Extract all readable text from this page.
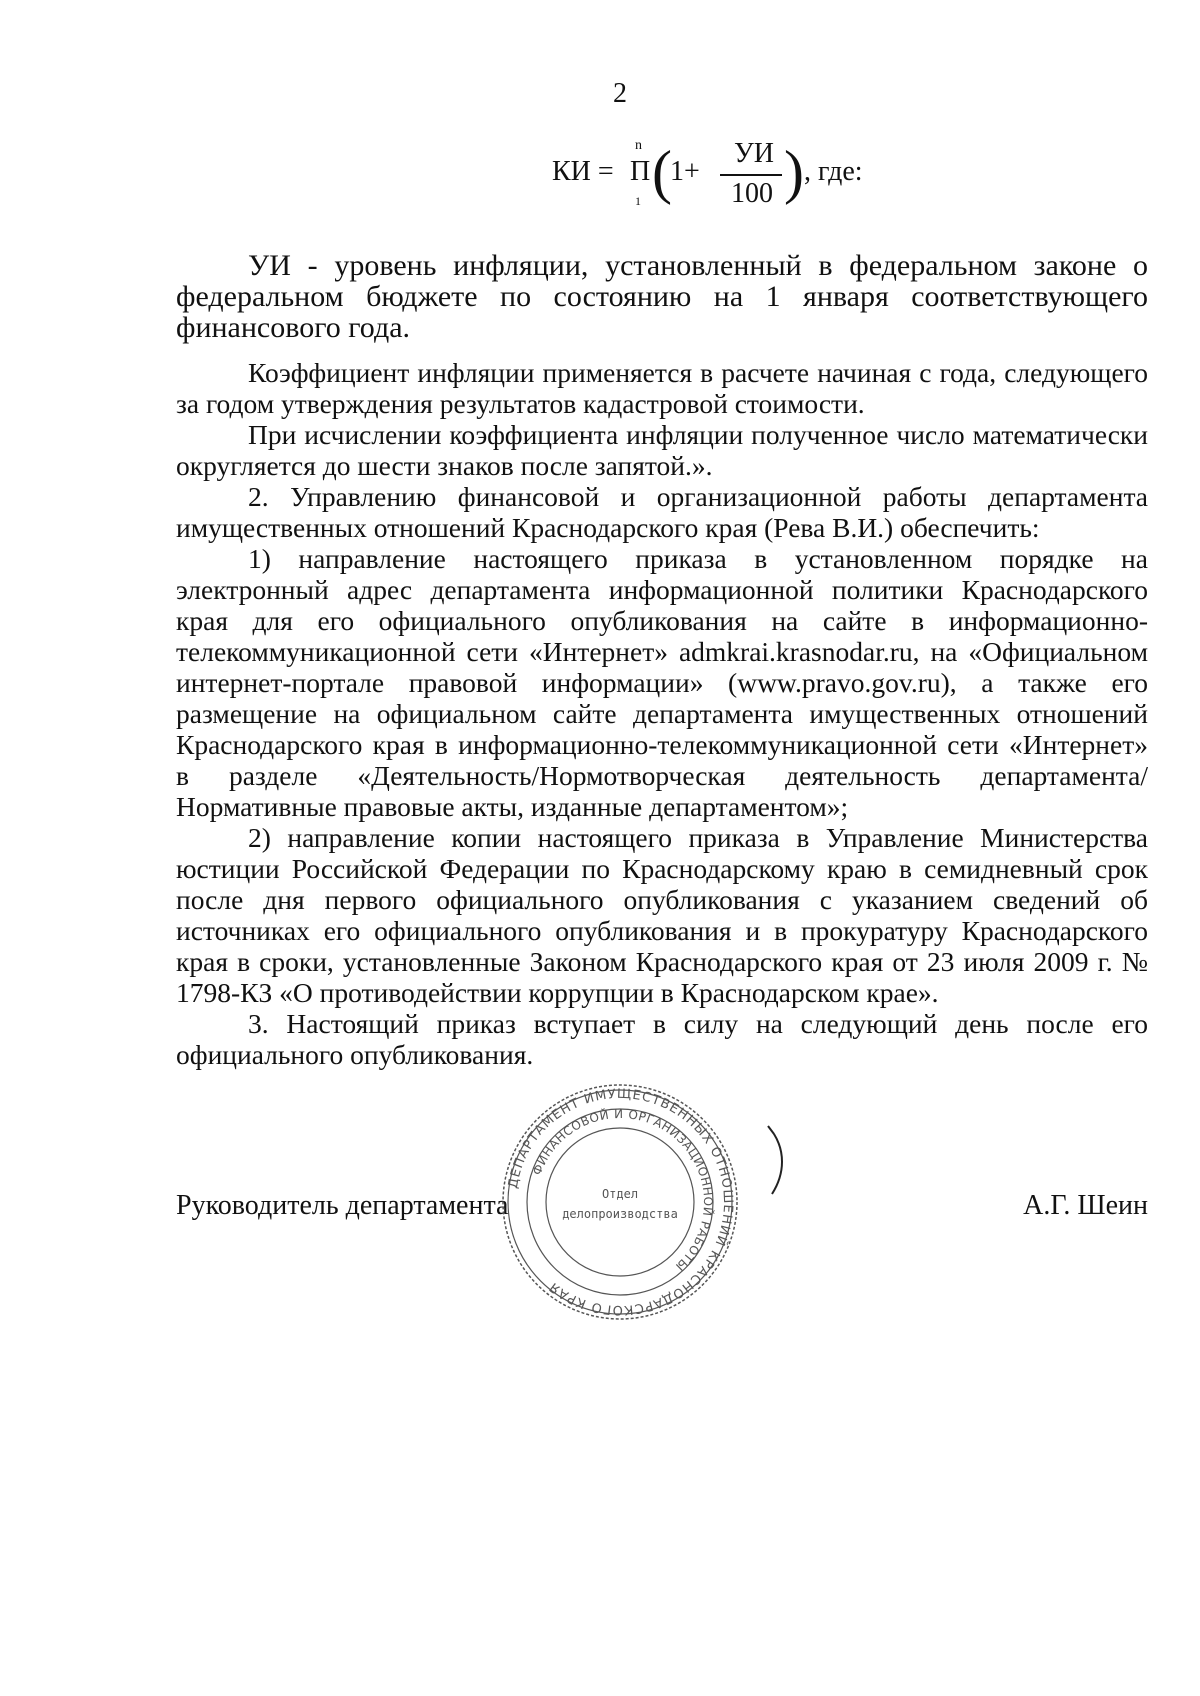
2
КИ =
n
П
1 (
1+
УИ
100 ) , где:

УИ - уровень инфляции, установленный в федеральном законе о федеральном бюджете по состоянию на 1 января соответствующего финансового года.

Коэффициент инфляции применяется в расчете начиная с года, следующего за годом утверждения результатов кадастровой стоимости.

При исчислении коэффициента инфляции полученное число математически округляется до шести знаков после запятой.».

2. Управлению финансовой и организационной работы департамента имущественных отношений Краснодарского края (Рева В.И.) обеспечить:

1) направление настоящего приказа в установленном порядке на электронный адрес департамента информационной политики Краснодарского края для его официального опубликования на сайте в информационно-телекоммуникационной сети «Интернет» admkrai.krasnodar.ru, на «Официальном интернет-портале правовой информации» (www.pravo.gov.ru), а также его размещение на официальном сайте департамента имущественных отношений Краснодарского края в информационно-телекоммуникационной сети «Интернет» в разделе «Деятельность/Нормотворческая деятельность департамента/Нормативные правовые акты, изданные департаментом»;

2) направление копии настоящего приказа в Управление Министерства юстиции Российской Федерации по Краснодарскому краю в семидневный срок после дня первого официального опубликования с указанием сведений об источниках его официального опубликования и в прокуратуру Краснодарского края в сроки, установленные Законом Краснодарского края от 23 июля 2009 г. № 1798-КЗ «О противодействии коррупции в Краснодарском крае».

3. Настоящий приказ вступает в силу на следующий день после его официального опубликования.

Руководитель департамента	А.Г. Шеин
ДЕПАРТАМЕНТ ИМУЩЕСТВЕННЫХ ОТНОШЕНИЙ КРАСНОДАРСКОГО КРАЯ
ФИНАНСОВОЙ И ОРГАНИЗАЦИОННОЙ РАБОТЫ
Отдел
делопроизводства
